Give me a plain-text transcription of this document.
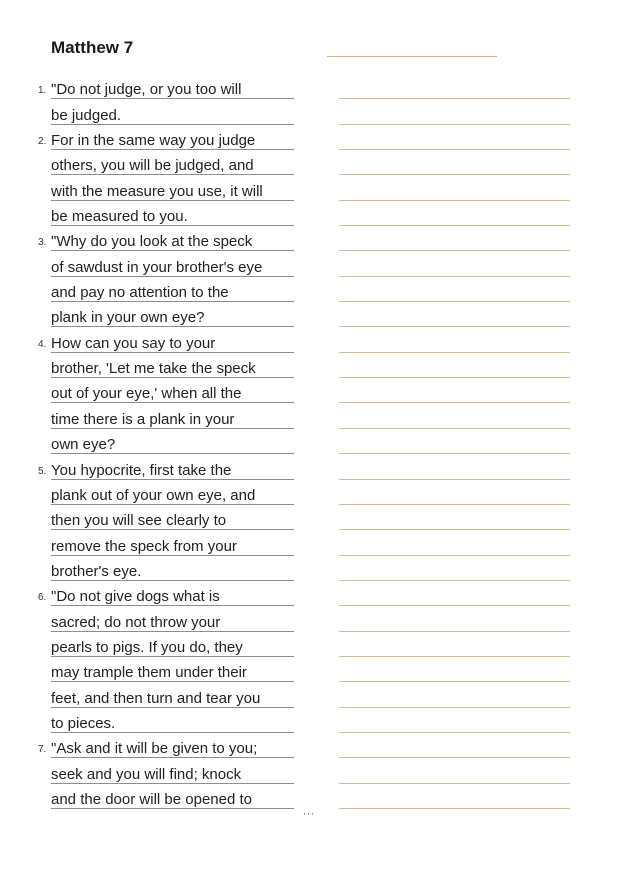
Matthew 7
1. "Do not judge, or you too will
be judged.
2. For in the same way you judge
others, you will be judged, and
with the measure you use, it will
be measured to you.
3. "Why do you look at the speck
of sawdust in your brother's eye
and pay no attention to the
plank in your own eye?
4. How can you say to your
brother, 'Let me take the speck
out of your eye,' when all the
time there is a plank in your
own eye?
5. You hypocrite, first take the
plank out of your own eye, and
then you will see clearly to
remove the speck from your
brother's eye.
6. "Do not give dogs what is
sacred; do not throw your
pearls to pigs. If you do, they
may trample them under their
feet, and then turn and tear you
to pieces.
7. "Ask and it will be given to you;
seek and you will find; knock
and the door will be opened to
' ' '
